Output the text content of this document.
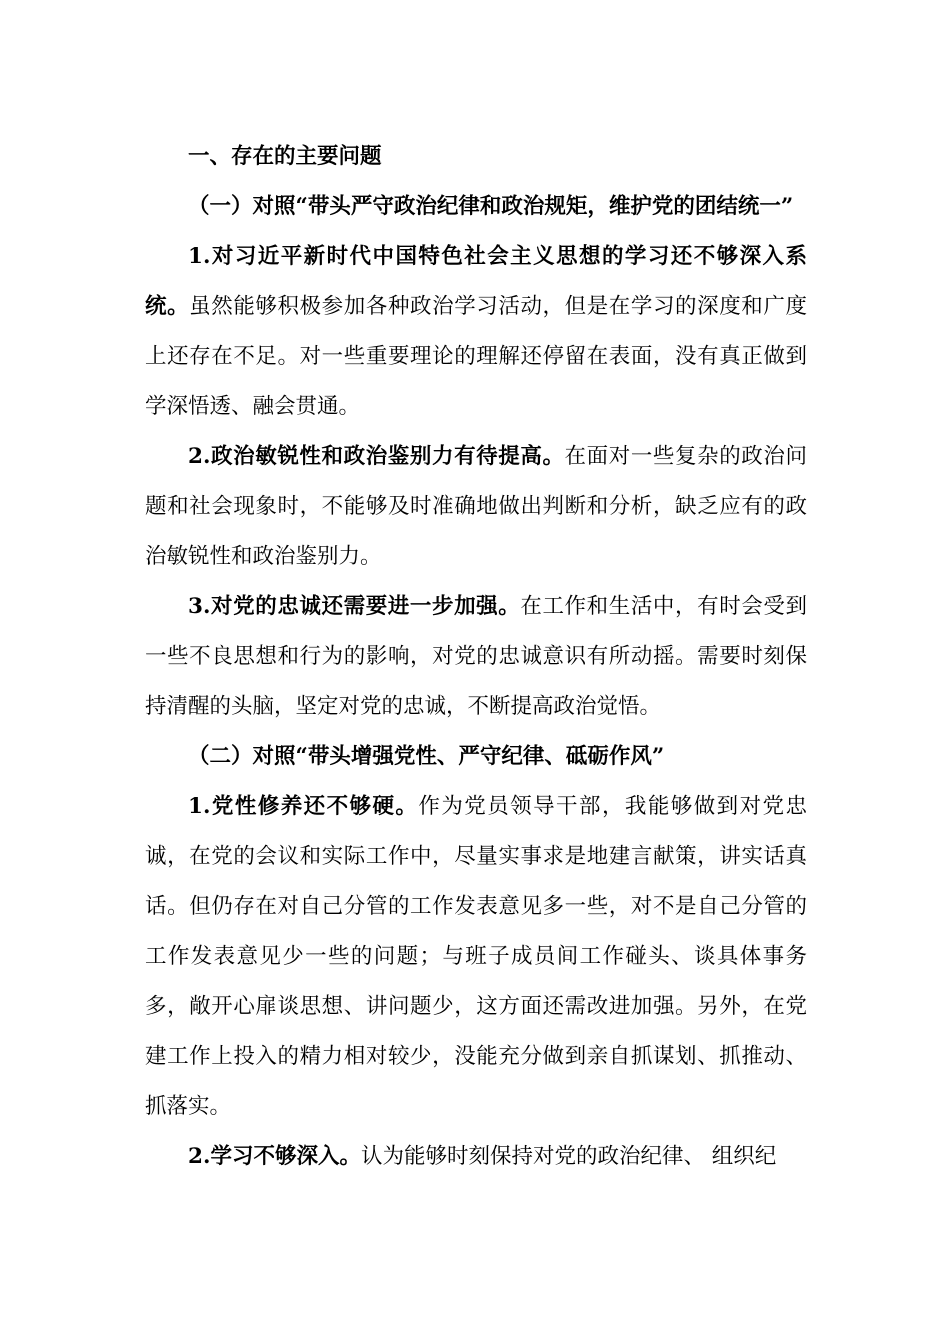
一、存在的主要问题

（一）对照“带头严守政治纪律和政治规矩，维护党的团结统一”

1.对习近平新时代中国特色社会主义思想的学习还不够深入系统。虽然能够积极参加各种政治学习活动，但是在学习的深度和广度上还存在不足。对一些重要理论的理解还停留在表面，没有真正做到学深悟透、融会贯通。

2.政治敏锐性和政治鉴别力有待提高。在面对一些复杂的政治问题和社会现象时，不能够及时准确地做出判断和分析，缺乏应有的政治敏锐性和政治鉴别力。

3.对党的忠诚还需要进一步加强。在工作和生活中，有时会受到一些不良思想和行为的影响，对党的忠诚意识有所动摇。需要时刻保持清醒的头脑，坚定对党的忠诚，不断提高政治觉悟。

（二）对照“带头增强党性、严守纪律、砥砺作风”

1.党性修养还不够硬。作为党员领导干部，我能够做到对党忠诚，在党的会议和实际工作中，尽量实事求是地建言献策，讲实话真话。但仍存在对自己分管的工作发表意见多一些，对不是自己分管的工作发表意见少一些的问题；与班子成员间工作碰头、谈具体事务多，敞开心扉谈思想、讲问题少，这方面还需改进加强。另外，在党建工作上投入的精力相对较少，没能充分做到亲自抓谋划、抓推动、抓落实。

2.学习不够深入。认为能够时刻保持对党的政治纪律、 组织纪
